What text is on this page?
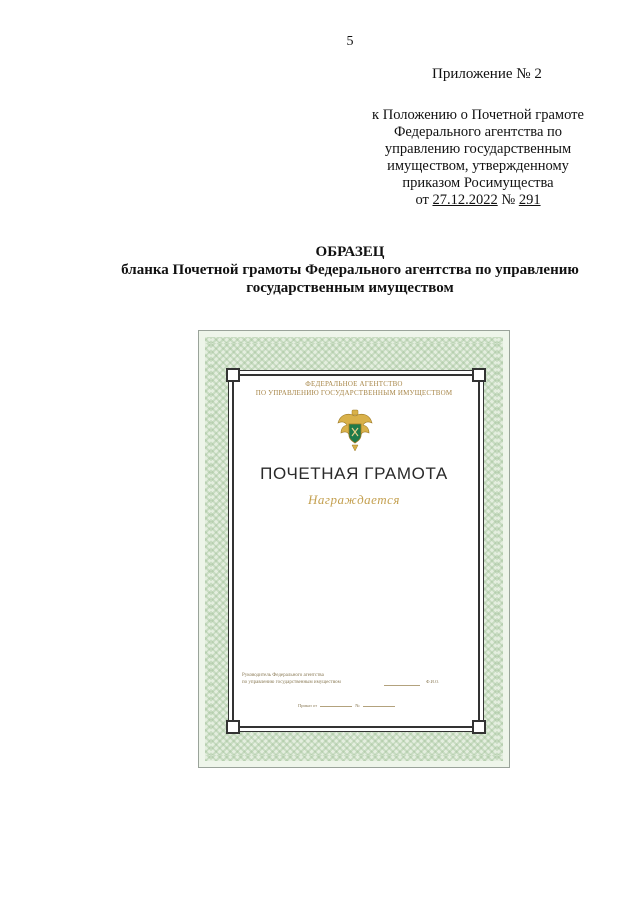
5
Приложение № 2
к Положению о Почетной грамоте
Федерального агентства по
управлению государственным
имуществом, утвержденному
приказом Росимущества
от 27.12.2022 № 291
ОБРАЗЕЦ
бланка Почетной грамоты Федерального агентства по управлению
государственным имуществом
ФЕДЕРАЛЬНОЕ АГЕНТСТВО
ПО УПРАВЛЕНИЮ ГОСУДАРСТВЕННЫМ ИМУЩЕСТВОМ
ПОЧЕТНАЯ ГРАМОТА
Награждается
Руководитель Федерального агентства
по управлению государственным имуществом	Ф.И.О.
Приказ от	№
